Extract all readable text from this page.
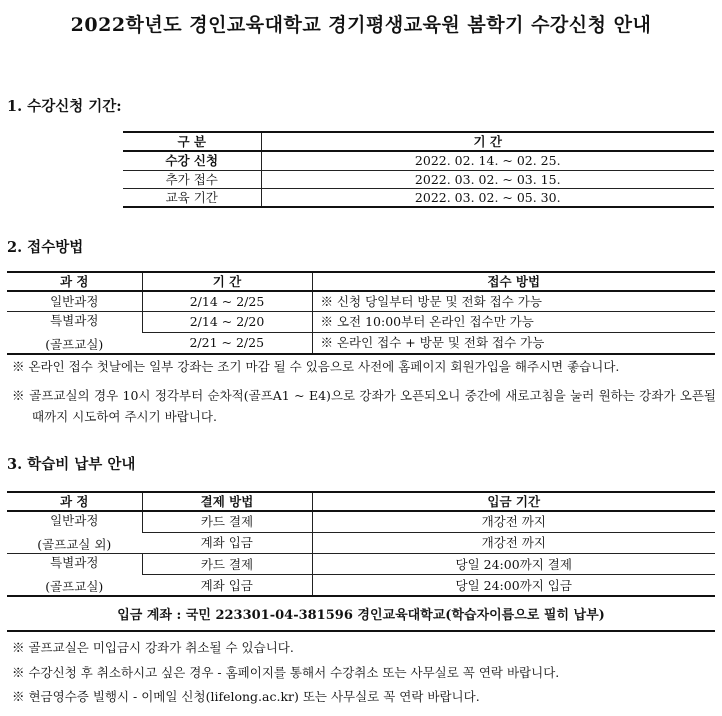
2022학년도 경인교육대학교 경기평생교육원 봄학기 수강신청 안내
1. 수강신청 기간:
구 분	기 간
수강 신청	2022. 02. 14. ~ 02. 25.
추가 접수	2022. 03. 02. ~ 03. 15.
교육 기간	2022. 03. 02. ~ 05. 30.
2. 접수방법
과 정	기 간	접수 방법
일반과정	2/14 ~ 2/25	※ 신청 당일부터 방문 및 전화 접수 가능

특별과정
(골프교실)	2/14 ~ 2/20	※ 오전 10:00부터 온라인 접수만 가능
	2/21 ~ 2/25	※ 온라인 접수 + 방문 및 전화 접수 가능
※ 온라인 접수 첫날에는 일부 강좌는 조기 마감 될 수 있음으로 사전에 홈페이지 회원가입을 해주시면 좋습니다.
※ 골프교실의 경우 10시 정각부터 순차적(골프A1 ~ E4)으로 강좌가 오픈되오니 중간에 새로고침을 눌러 원하는 강좌가 오픈될 때까지 시도하여 주시기 바랍니다.
3. 학습비 납부 안내
과 정	결제 방법	입금 기간

일반과정
(골프교실 외)	카드 결제	개강전 까지
	계좌 입금	개강전 까지

특별과정
(골프교실)	카드 결제	당일 24:00까지 결제
	계좌 입금	당일 24:00까지 입금
입금 계좌 : 국민 223301-04-381596 경인교육대학교(학습자이름으로 필히 납부)
※ 골프교실은 미입금시 강좌가 취소될 수 있습니다.
※ 수강신청 후 취소하시고 싶은 경우 - 홈페이지를 통해서 수강취소 또는 사무실로 꼭 연락 바랍니다.
※ 현금영수증 빌행시 - 이메일 신청(lifelong.ac.kr) 또는 사무실로 꼭 연락 바랍니다.
